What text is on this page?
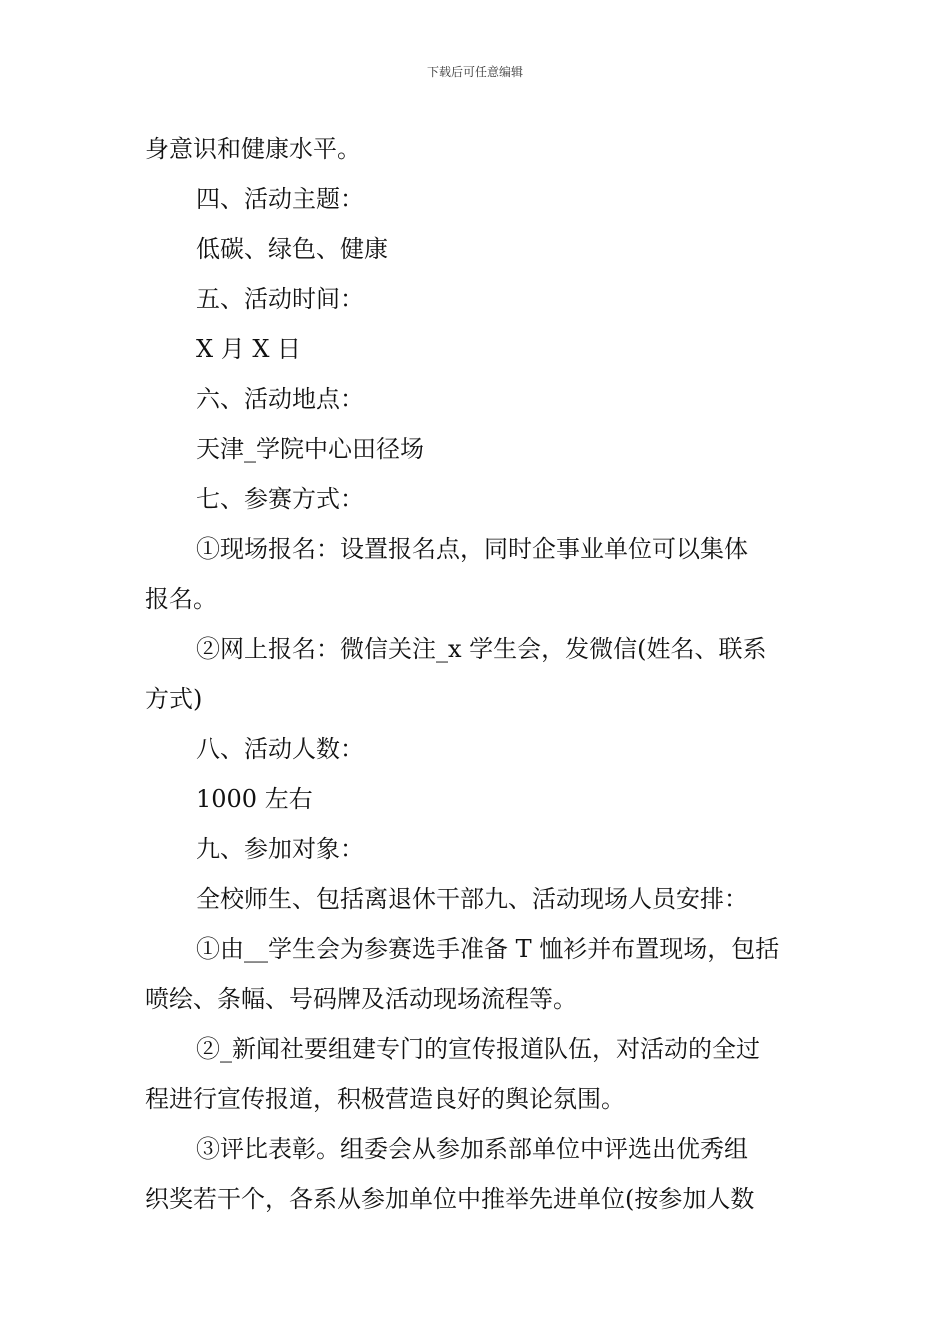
下载后可任意编辑
身意识和健康水平。
四、活动主题：
低碳、绿色、健康
五、活动时间：
X 月 X 日
六、活动地点：
天津_学院中心田径场
七、参赛方式：
①现场报名：设置报名点，同时企事业单位可以集体
报名。
②网上报名：微信关注_x 学生会，发微信(姓名、联系
方式)
八、活动人数：
1000 左右
九、参加对象：
全校师生、包括离退休干部九、活动现场人员安排：
①由__学生会为参赛选手准备 T 恤衫并布置现场，包括
喷绘、条幅、号码牌及活动现场流程等。
②_新闻社要组建专门的宣传报道队伍，对活动的全过
程进行宣传报道，积极营造良好的舆论氛围。
③评比表彰。组委会从参加系部单位中评选出优秀组
织奖若干个，各系从参加单位中推举先进单位(按参加人数
